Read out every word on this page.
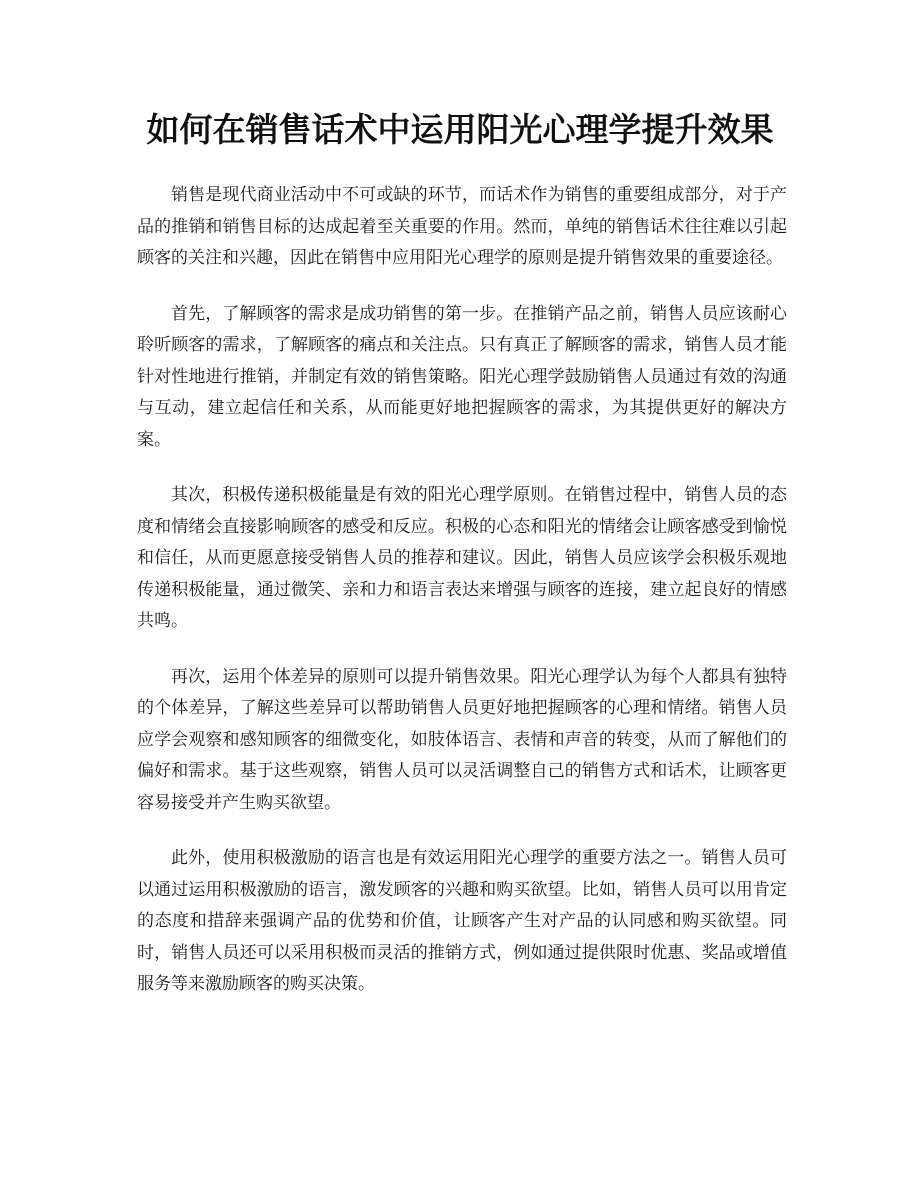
如何在销售话术中运用阳光心理学提升效果

销售是现代商业活动中不可或缺的环节，而话术作为销售的重要组成部分，对于产品的推销和销售目标的达成起着至关重要的作用。然而，单纯的销售话术往往难以引起顾客的关注和兴趣，因此在销售中应用阳光心理学的原则是提升销售效果的重要途径。

首先，了解顾客的需求是成功销售的第一步。在推销产品之前，销售人员应该耐心聆听顾客的需求，了解顾客的痛点和关注点。只有真正了解顾客的需求，销售人员才能针对性地进行推销，并制定有效的销售策略。阳光心理学鼓励销售人员通过有效的沟通与互动，建立起信任和关系，从而能更好地把握顾客的需求，为其提供更好的解决方案。

其次，积极传递积极能量是有效的阳光心理学原则。在销售过程中，销售人员的态度和情绪会直接影响顾客的感受和反应。积极的心态和阳光的情绪会让顾客感受到愉悦和信任，从而更愿意接受销售人员的推荐和建议。因此，销售人员应该学会积极乐观地传递积极能量，通过微笑、亲和力和语言表达来增强与顾客的连接，建立起良好的情感共鸣。

再次，运用个体差异的原则可以提升销售效果。阳光心理学认为每个人都具有独特的个体差异，了解这些差异可以帮助销售人员更好地把握顾客的心理和情绪。销售人员应学会观察和感知顾客的细微变化，如肢体语言、表情和声音的转变，从而了解他们的偏好和需求。基于这些观察，销售人员可以灵活调整自己的销售方式和话术，让顾客更容易接受并产生购买欲望。

此外，使用积极激励的语言也是有效运用阳光心理学的重要方法之一。销售人员可以通过运用积极激励的语言，激发顾客的兴趣和购买欲望。比如，销售人员可以用肯定的态度和措辞来强调产品的优势和价值，让顾客产生对产品的认同感和购买欲望。同时，销售人员还可以采用积极而灵活的推销方式，例如通过提供限时优惠、奖品或增值服务等来激励顾客的购买决策。
